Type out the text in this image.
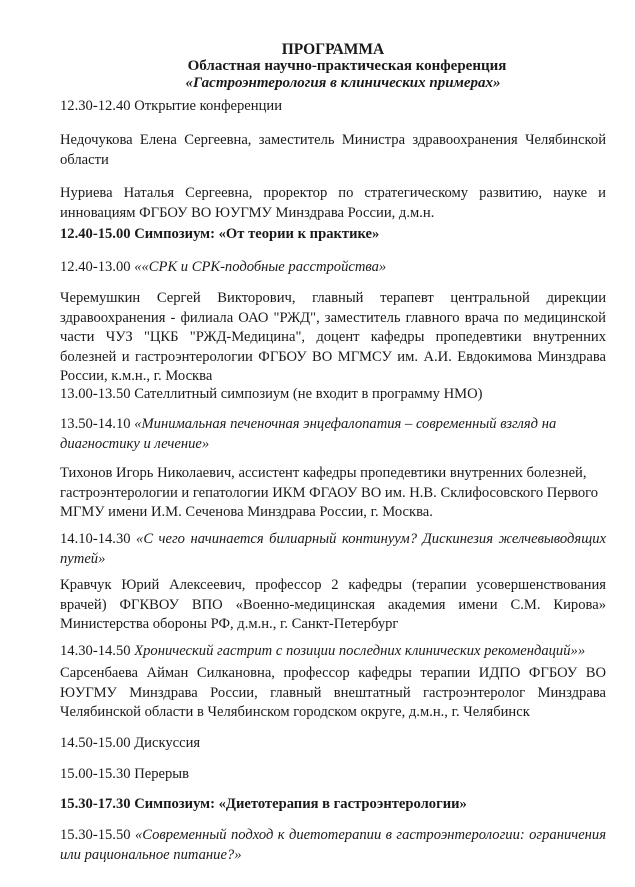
ПРОГРАММА
Областная научно-практическая конференция
«Гастроэнтерология в клинических примерах»

12.30-12.40 Открытие конференции

Недочукова Елена Сергеевна, заместитель Министра здравоохранения Челябинской области

Нуриева Наталья Сергеевна, проректор по стратегическому развитию, науке и инновациям ФГБОУ ВО ЮУГМУ Минздрава России, д.м.н.

12.40-15.00 Симпозиум: «От теории к практике»

12.40-13.00 ««СРК и СРК-подобные расстройства»

Черемушкин Сергей Викторович, главный терапевт центральной дирекции здравоохранения - филиала ОАО "РЖД", заместитель главного врача по медицинской части ЧУЗ "ЦКБ "РЖД-Медицина", доцент кафедры пропедевтики внутренних болезней и гастроэнтерологии ФГБОУ ВО МГМСУ им. А.И. Евдокимова Минздрава России, к.м.н., г. Москва

13.00-13.50 Сателлитный симпозиум (не входит в программу НМО)

13.50-14.10 «Минимальная печеночная энцефалопатия – современный взгляд на диагностику и лечение»

Тихонов Игорь Николаевич, ассистент кафедры пропедевтики внутренних болезней, гастроэнтерологии и гепатологии ИКМ ФГАОУ ВО им. Н.В. Склифосовского Первого МГМУ имени И.М. Сеченова Минздрава России, г. Москва.

14.10-14.30 «С чего начинается билиарный континуум? Дискинезия желчевыводящих путей»

Кравчук Юрий Алексеевич, профессор 2 кафедры (терапии усовершенствования врачей) ФГКВОУ ВПО «Военно-медицинская академия имени С.М. Кирова» Министерства обороны РФ, д.м.н., г. Санкт-Петербург

14.30-14.50 Хронический гастрит с позиции последних клинических рекомендаций»»

Сарсенбаева Айман Силкановна, профессор кафедры терапии ИДПО ФГБОУ ВО ЮУГМУ Минздрава России, главный внештатный гастроэнтеролог Минздрава Челябинской области в Челябинском городском округе, д.м.н., г. Челябинск

14.50-15.00 Дискуссия

15.00-15.30 Перерыв

15.30-17.30 Симпозиум: «Диетотерапия в гастроэнтерологии»

15.30-15.50 «Современный подход к диетотерапии в гастроэнтерологии: ограничения или рациональное питание?»
